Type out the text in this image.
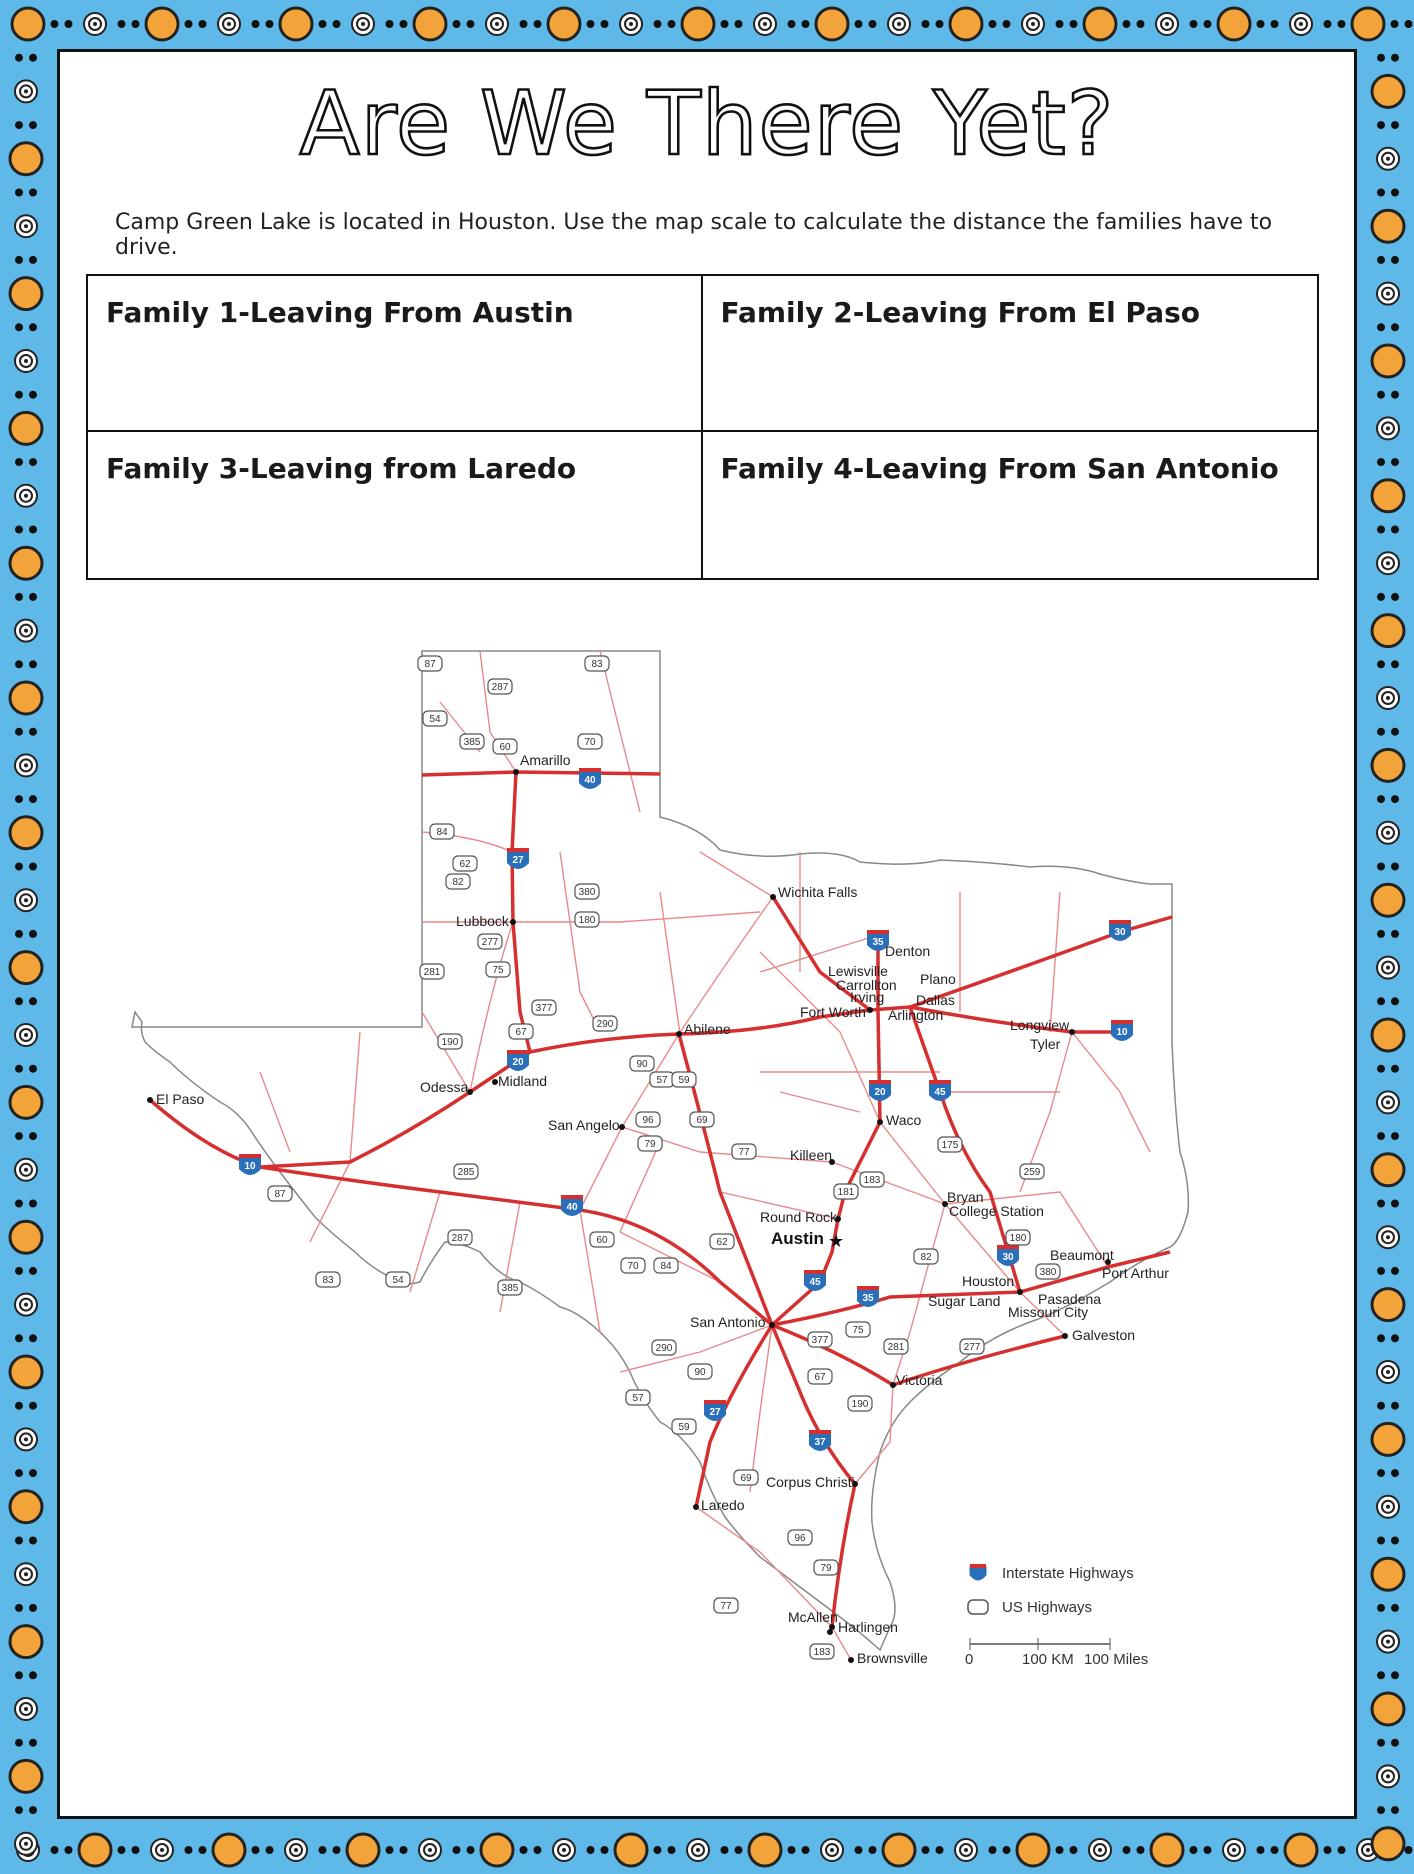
Are We There Yet?
Camp Green Lake is located in Houston. Use the map scale to calculate the distance the families have to drive.
Family 1-Leaving From Austin	Family 2-Leaving From El Paso
Family 3-Leaving from Laredo	Family 4-Leaving From San Antonio
40
27
20
10
35
45
30
37
40
27
20
10
35
45
30
87
287
83
54
385 60	70
84
62
82
380
180
277
281	75
377
67
190
290
90
57 59
69
96
79
77
183
181
175
259
285
87
287
83	54
385
60
70 84
62
82
380
180
277
281
75
377
67
190
290
90
57
59
69
96
79
77
183
Amarillo
Lubbock
Wichita Falls
Denton
Lewisville
Carrollton
Irving
Plano
Dallas
Fort Worth Arlington
Abilene	Longview
Tyler
Odessa Midland
El Paso
San Angelo	Waco
Killeen
Bryan
College Station
Round Rock
Austin ★
Beaumont
Port Arthur
Houston
Sugar Land	Pasadena
Missouri City
Galveston
San Antonio
Victoria
Corpus Christi
Laredo
McAllen
Harlingen
Brownsville
Interstate Highways
US Highways
0	100 KM 100 Miles
